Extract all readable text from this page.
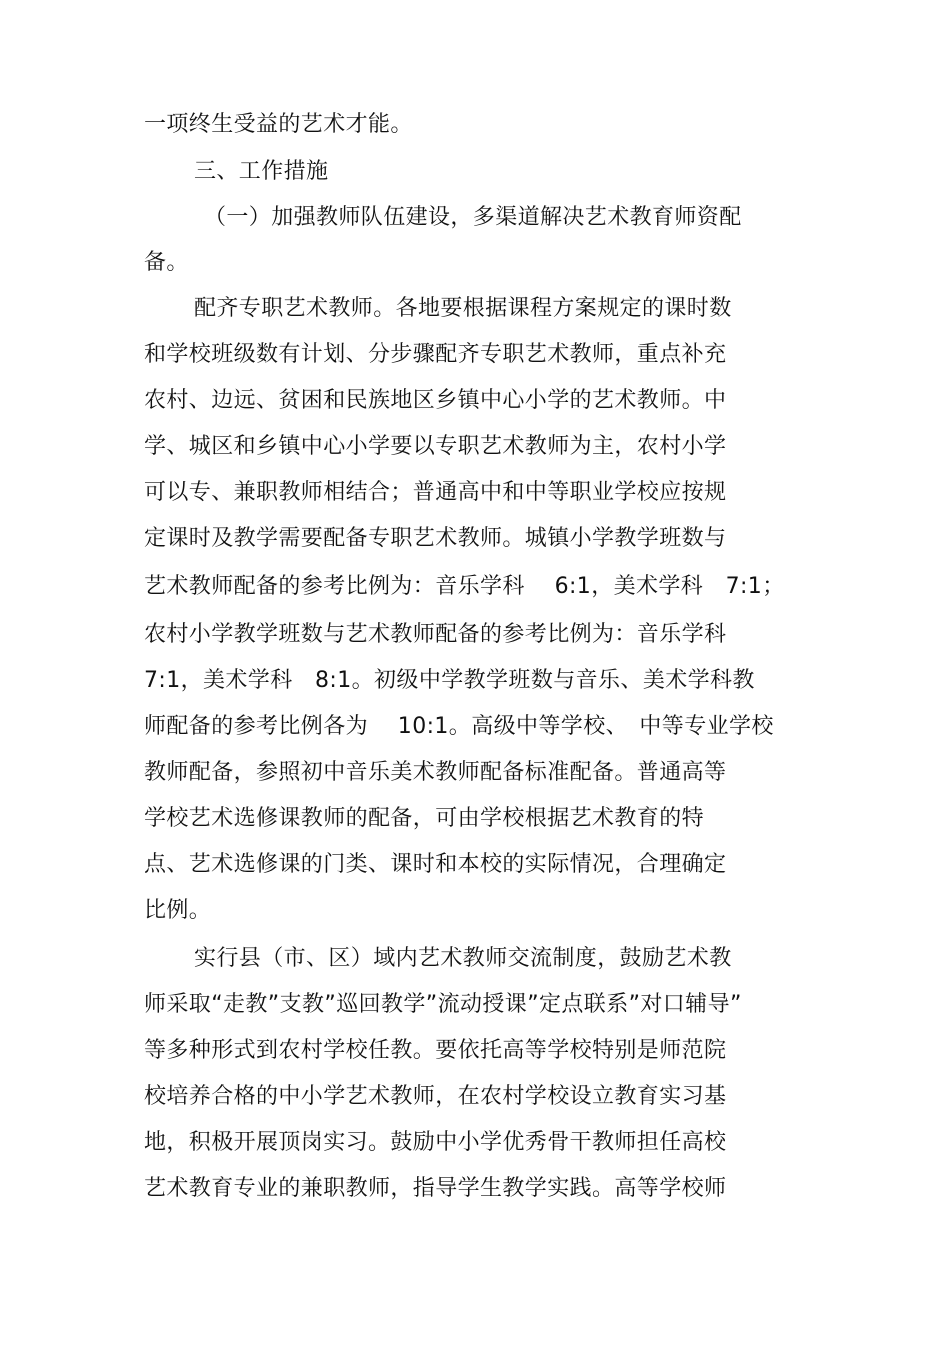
一项终生受益的艺术才能。
三、工作措施
（一）加强教师队伍建设，多渠道解决艺术教育师资配
备。
配齐专职艺术教师。各地要根据课程方案规定的课时数
和学校班级数有计划、分步骤配齐专职艺术教师，重点补充
农村、边远、贫困和民族地区乡镇中心小学的艺术教师。中
学、城区和乡镇中心小学要以专职艺术教师为主，农村小学
可以专、兼职教师相结合；普通高中和中等职业学校应按规
定课时及教学需要配备专职艺术教师。城镇小学教学班数与
艺术教师配备的参考比例为：音乐学科　 6:1，美术学科　7:1；
农村小学教学班数与艺术教师配备的参考比例为：音乐学科
7:1，美术学科　8:1。初级中学教学班数与音乐、美术学科教
师配备的参考比例各为　 10:1。高级中等学校、　中等专业学校
教师配备，参照初中音乐美术教师配备标准配备。普通高等
学校艺术选修课教师的配备，可由学校根据艺术教育的特
点、艺术选修课的门类、课时和本校的实际情况，合理确定
比例。
实行县（市、区）域内艺术教师交流制度，鼓励艺术教
师采取“走教”支教”巡回教学”流动授课”定点联系”对口辅导”
等多种形式到农村学校任教。要依托高等学校特别是师范院
校培养合格的中小学艺术教师，在农村学校设立教育实习基
地，积极开展顶岗实习。鼓励中小学优秀骨干教师担任高校
艺术教育专业的兼职教师，指导学生教学实践。高等学校师
